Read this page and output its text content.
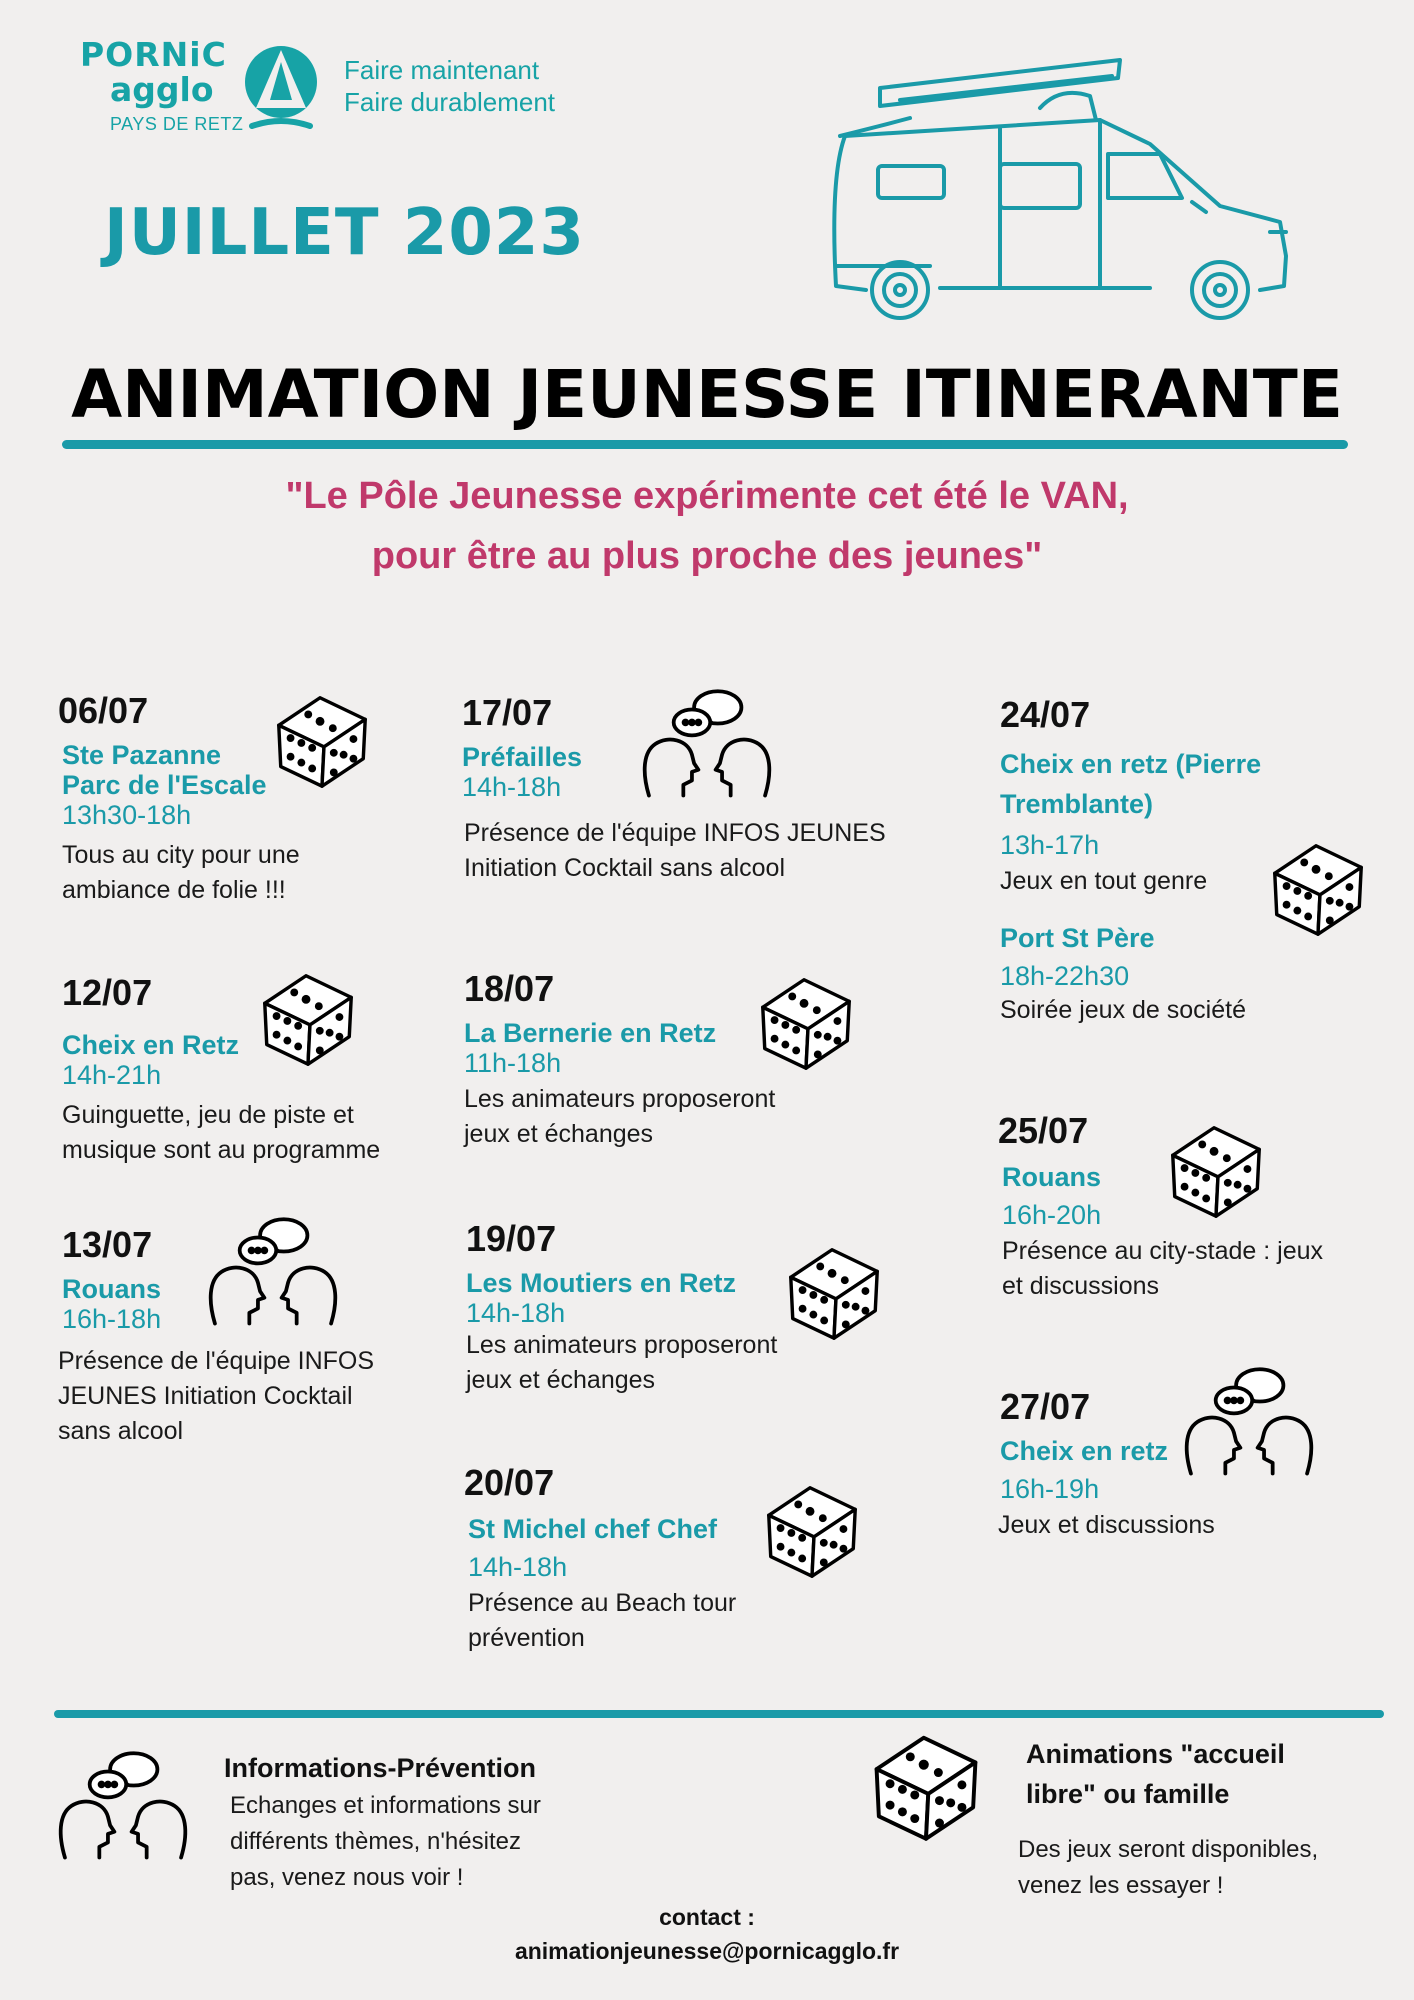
PORNiC
agglo
PAYS DE RETZ
Faire maintenant
Faire durablement
JUILLET 2023
ANIMATION JEUNESSE ITINERANTE
"Le Pôle Jeunesse expérimente cet été le VAN,
pour être au plus proche des jeunes"
06/07
Ste Pazanne
Parc de l'Escale
13h30-18h
Tous au city pour une
ambiance de folie !!!
12/07
Cheix en Retz
14h-21h
Guinguette, jeu de piste et
musique sont au programme
13/07
Rouans
16h-18h
Présence de l'équipe INFOS
JEUNES Initiation Cocktail
sans alcool
17/07
Préfailles
14h-18h
Présence de l'équipe INFOS JEUNES
Initiation Cocktail sans alcool
18/07
La Bernerie en Retz
11h-18h
Les animateurs proposeront
jeux et échanges
19/07
Les Moutiers en Retz
14h-18h
Les animateurs proposeront
jeux et échanges
20/07
St Michel chef Chef
14h-18h
Présence au Beach tour
prévention
24/07
Cheix en retz (Pierre
Tremblante)
13h-17h
Jeux en tout genre
Port St Père
18h-22h30
Soirée jeux de société
25/07
Rouans
16h-20h
Présence au city-stade : jeux
et discussions
27/07
Cheix en retz
16h-19h
Jeux et discussions
Informations-Prévention
Echanges et informations sur
différents thèmes, n'hésitez
pas, venez nous voir !
Animations "accueil
libre" ou famille
Des jeux seront disponibles,
venez les essayer !
contact :
animationjeunesse@pornicagglo.fr
